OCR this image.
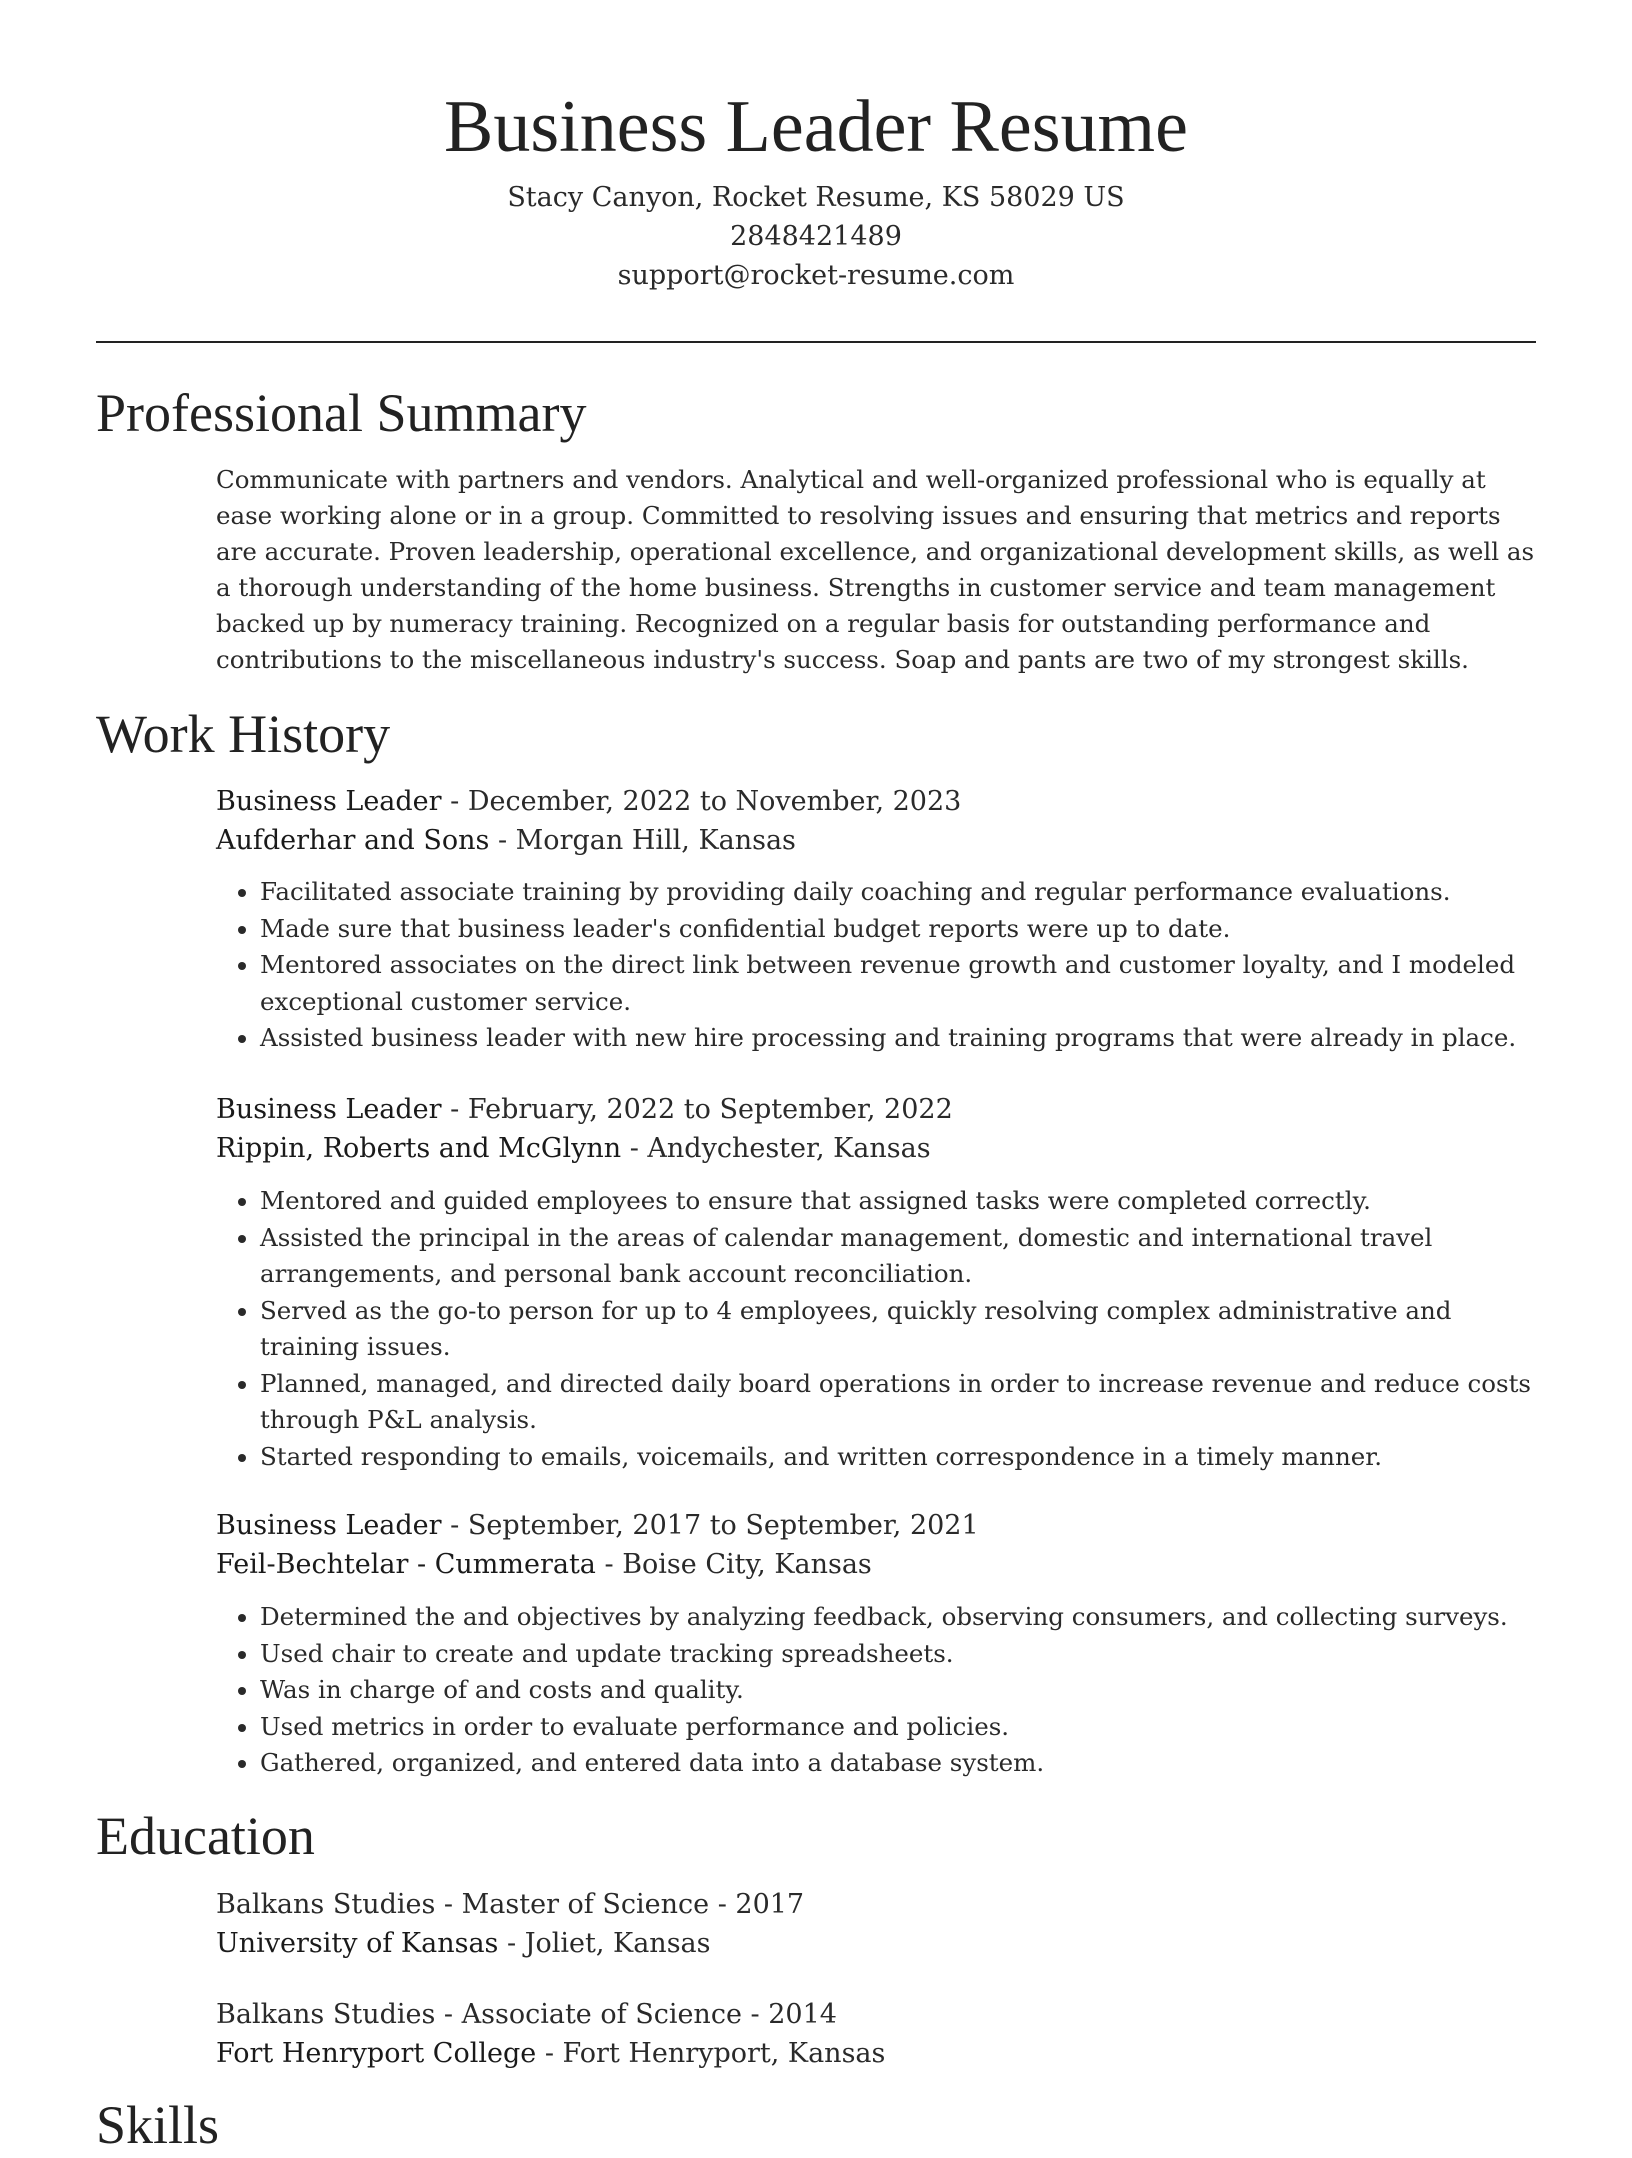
Business Leader Resume
Stacy Canyon, Rocket Resume, KS 58029 US
2848421489
support@rocket-resume.com
Professional Summary

Communicate with partners and vendors. Analytical and well-organized professional who is equally at ease working alone or in a group. Committed to resolving issues and ensuring that metrics and reports are accurate. Proven leadership, operational excellence, and organizational development skills, as well as a thorough understanding of the home business. Strengths in customer service and team management backed up by numeracy training. Recognized on a regular basis for outstanding performance and contributions to the miscellaneous industry's success. Soap and pants are two of my strongest skills.

Work History
Business Leader - December, 2022 to November, 2023
Aufderhar and Sons - Morgan Hill, Kansas
• Facilitated associate training by providing daily coaching and regular performance evaluations.
• Made sure that business leader's confidential budget reports were up to date.
• Mentored associates on the direct link between revenue growth and customer loyalty, and I modeled exceptional customer service.
• Assisted business leader with new hire processing and training programs that were already in place.
Business Leader - February, 2022 to September, 2022
Rippin, Roberts and McGlynn - Andychester, Kansas
• Mentored and guided employees to ensure that assigned tasks were completed correctly.
• Assisted the principal in the areas of calendar management, domestic and international travel arrangements, and personal bank account reconciliation.
• Served as the go-to person for up to 4 employees, quickly resolving complex administrative and training issues.
• Planned, managed, and directed daily board operations in order to increase revenue and reduce costs through P&L analysis.
• Started responding to emails, voicemails, and written correspondence in a timely manner.
Business Leader - September, 2017 to September, 2021
Feil-Bechtelar - Cummerata - Boise City, Kansas
• Determined the and objectives by analyzing feedback, observing consumers, and collecting surveys.
• Used chair to create and update tracking spreadsheets.
• Was in charge of and costs and quality.
• Used metrics in order to evaluate performance and policies.
• Gathered, organized, and entered data into a database system.
Education
Balkans Studies - Master of Science - 2017
University of Kansas - Joliet, Kansas
Balkans Studies - Associate of Science - 2014
Fort Henryport College - Fort Henryport, Kansas
Skills
